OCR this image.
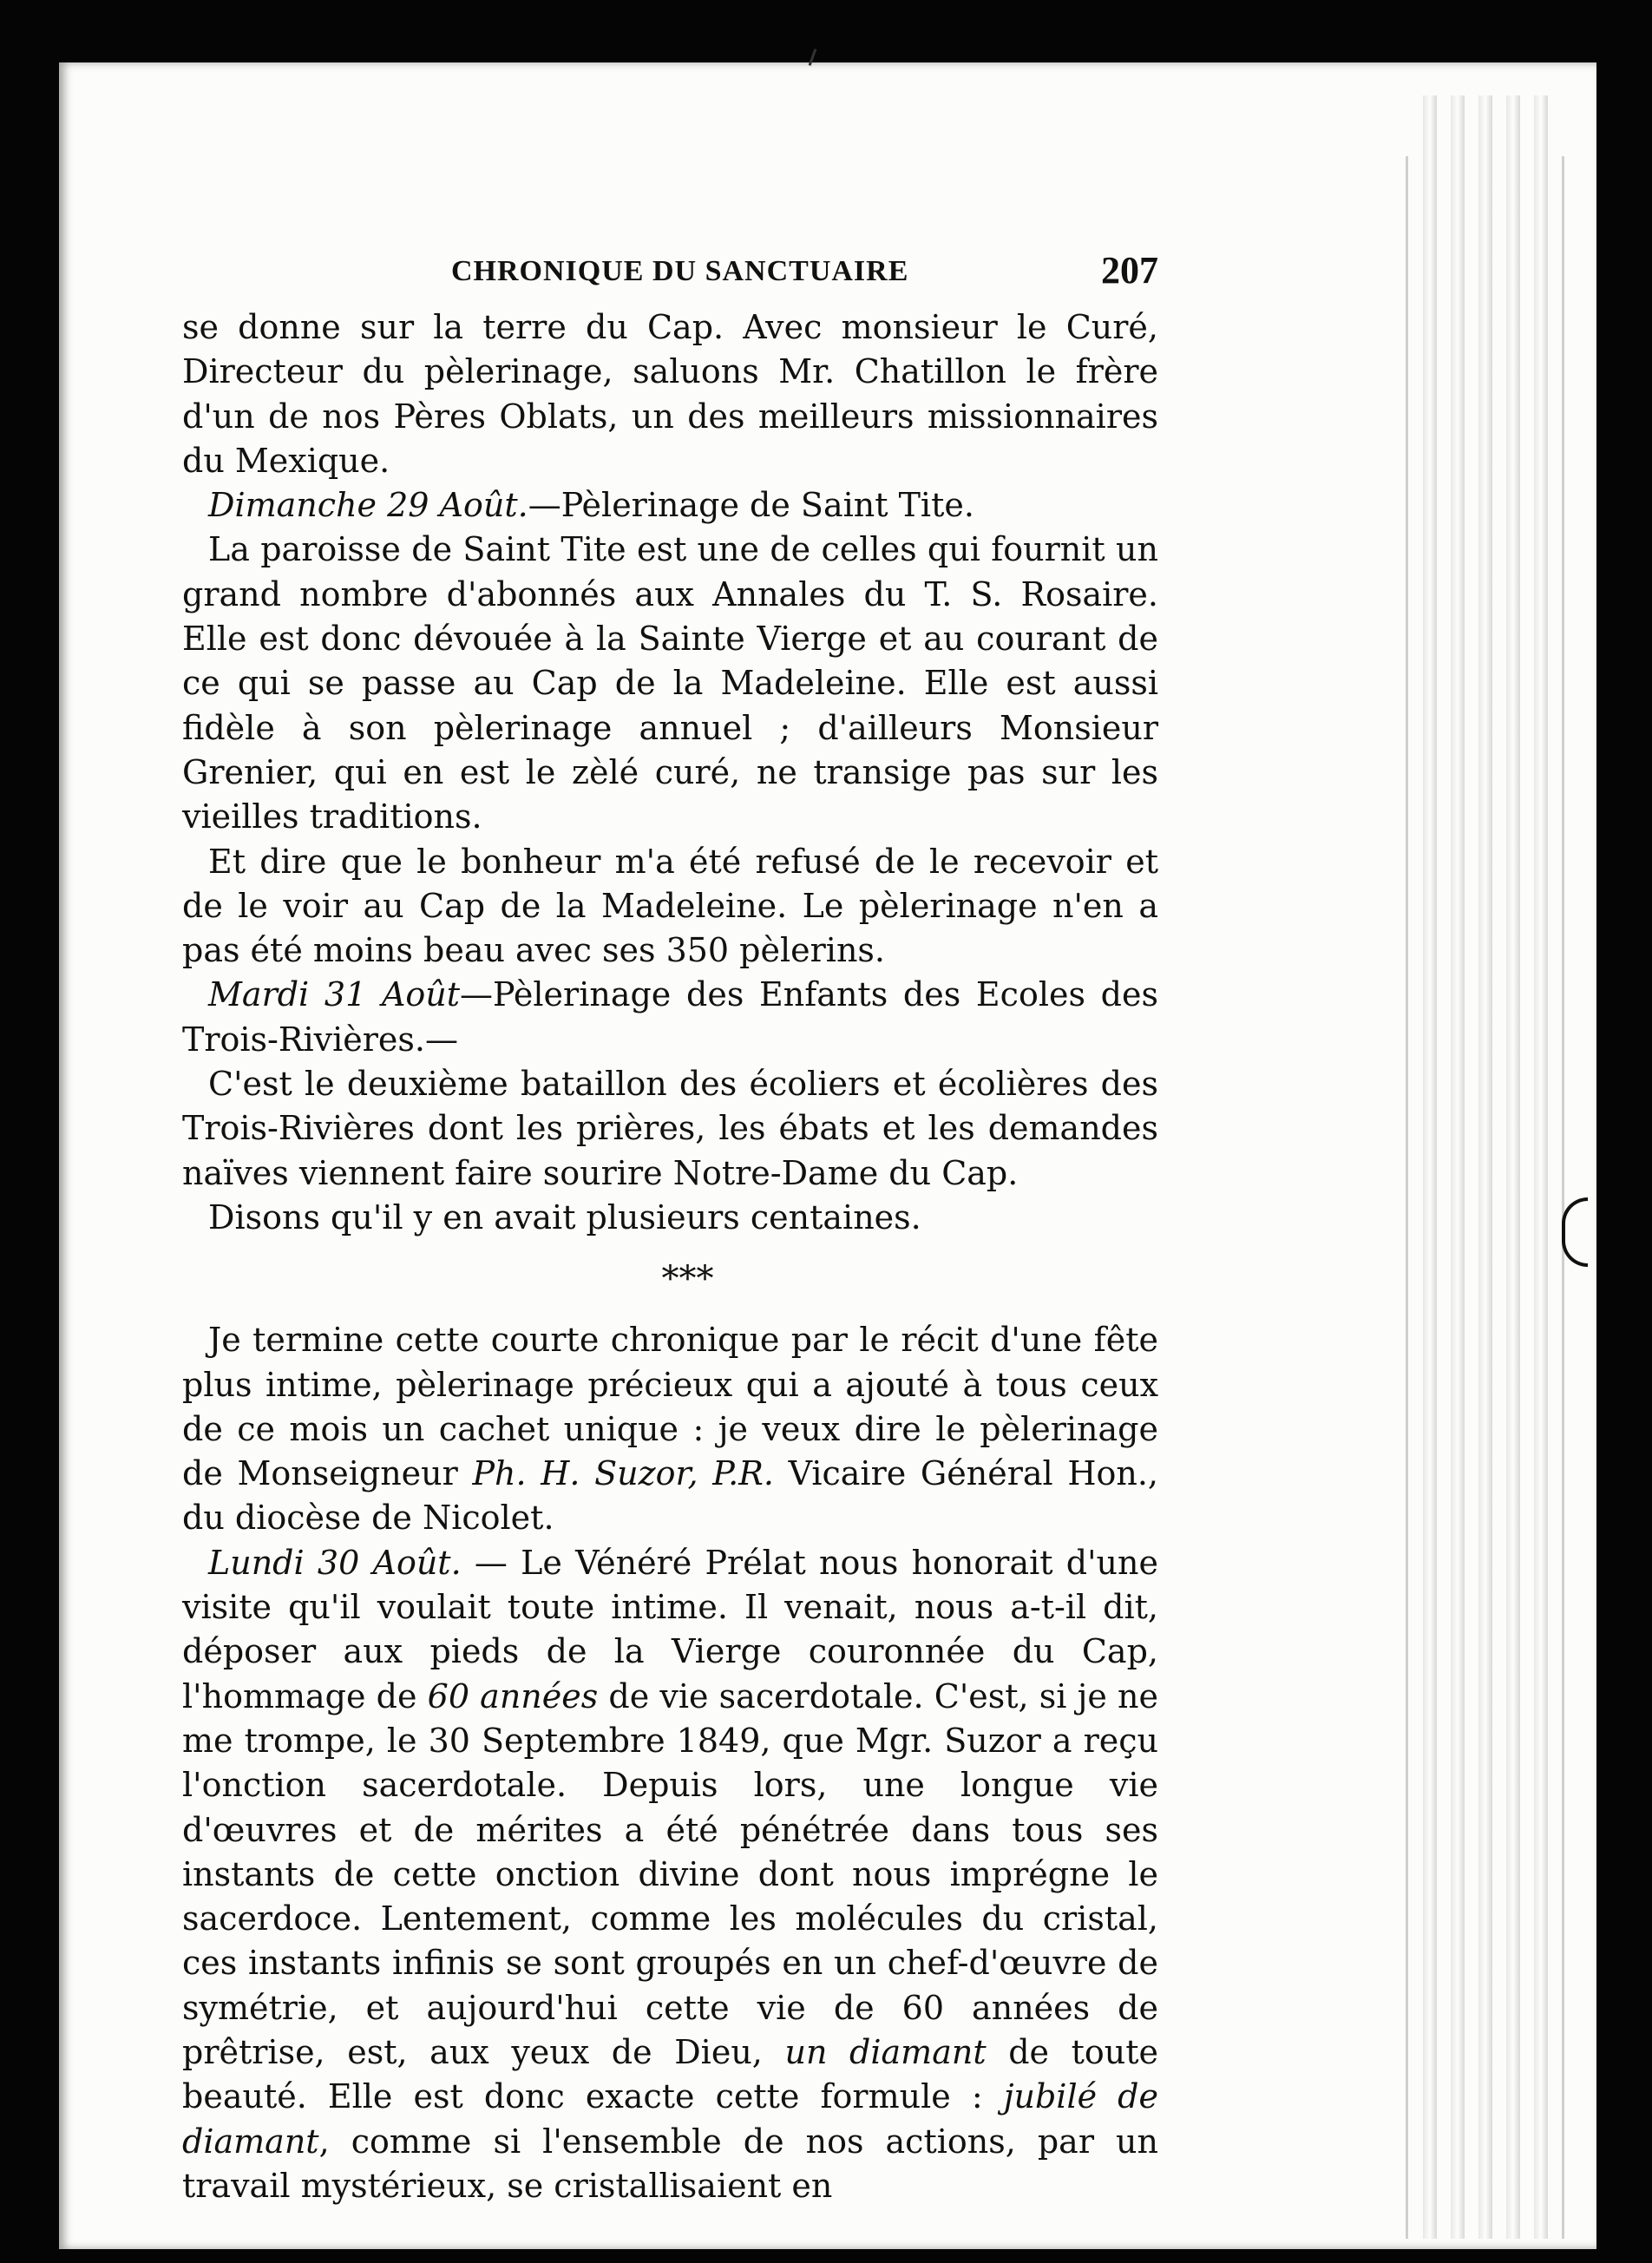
CHRONIQUE DU SANCTUAIRE	207

se donne sur la terre du Cap. Avec monsieur le Curé, Directeur du pèlerinage, saluons Mr. Chatillon le frère d'un de nos Pères Oblats, un des meilleurs missionnaires du Mexique.

Dimanche 29 Août.—Pèlerinage de Saint Tite.

La paroisse de Saint Tite est une de celles qui fournit un grand nombre d'abonnés aux Annales du T. S. Rosaire. Elle est donc dévouée à la Sainte Vierge et au courant de ce qui se passe au Cap de la Madeleine. Elle est aussi fidèle à son pèlerinage annuel ; d'ailleurs Monsieur Grenier, qui en est le zèlé curé, ne transige pas sur les vieilles traditions.

Et dire que le bonheur m'a été refusé de le recevoir et de le voir au Cap de la Madeleine. Le pèlerinage n'en a pas été moins beau avec ses 350 pèlerins.

Mardi 31 Août—Pèlerinage des Enfants des Ecoles des Trois-Rivières.—

C'est le deuxième bataillon des écoliers et écolières des Trois-Rivières dont les prières, les ébats et les demandes naïves viennent faire sourire Notre-Dame du Cap.

Disons qu'il y en avait plusieurs centaines.

***

Je termine cette courte chronique par le récit d'une fête plus intime, pèlerinage précieux qui a ajouté à tous ceux de ce mois un cachet unique : je veux dire le pèlerinage de Monseigneur Ph. H. Suzor, P.R. Vicaire Général Hon., du diocèse de Nicolet.

Lundi 30 Août. — Le Vénéré Prélat nous honorait d'une visite qu'il voulait toute intime. Il venait, nous a-t-il dit, déposer aux pieds de la Vierge couronnée du Cap, l'hommage de 60 années de vie sacerdotale. C'est, si je ne me trompe, le 30 Septembre 1849, que Mgr. Suzor a reçu l'onction sacerdotale. Depuis lors, une longue vie d'œuvres et de mérites a été pénétrée dans tous ses instants de cette onction divine dont nous imprégne le sacerdoce. Lentement, comme les molécules du cristal, ces instants infinis se sont groupés en un chef-d'œuvre de symétrie, et aujourd'hui cette vie de 60 années de prêtrise, est, aux yeux de Dieu, un diamant de toute beauté. Elle est donc exacte cette formule : jubilé de diamant, comme si l'ensemble de nos actions, par un travail mystérieux, se cristallisaient en
